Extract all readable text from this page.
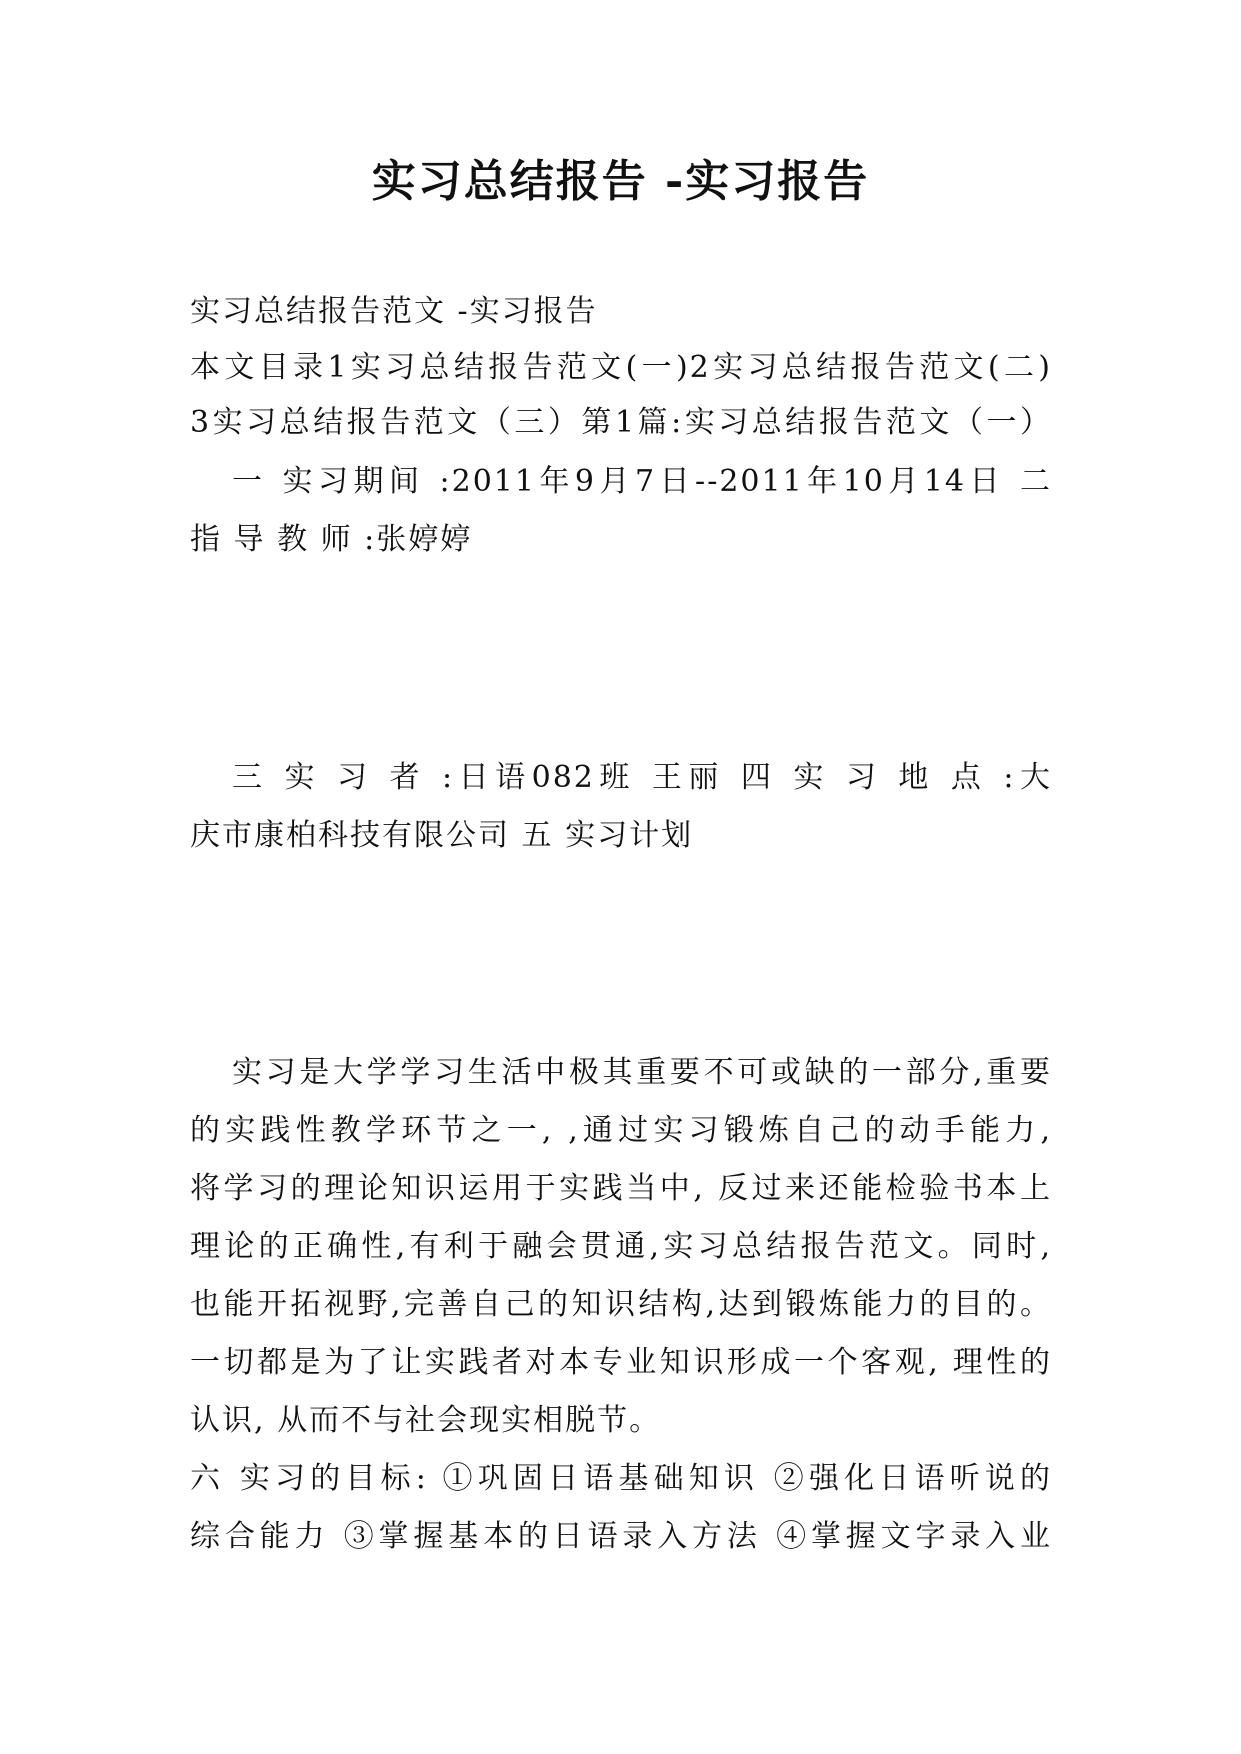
实习总结报告 -实习报告
实习总结报告范文 -实习报告
本文目录1实习总结报告范文(一)2实习总结报告范文(二)
3实习总结报告范文（三）第1篇:实习总结报告范文（一）
一 实习期间 :2011年9月7日--2011年10月14日 二
指 导 教 师 :张婷婷
三 实 习 者 :日语082班 王丽 四 实 习 地 点 :大
庆市康柏科技有限公司 五 实习计划
实习是大学学习生活中极其重要不可或缺的一部分,重要
的实践性教学环节之一, ,通过实习锻炼自己的动手能力,
将学习的理论知识运用于实践当中, 反过来还能检验书本上
理论的正确性,有利于融会贯通,实习总结报告范文。同时,
也能开拓视野,完善自己的知识结构,达到锻炼能力的目的。
一切都是为了让实践者对本专业知识形成一个客观, 理性的
认识, 从而不与社会现实相脱节。
六 实习的目标: ①巩固日语基础知识 ②强化日语听说的
综合能力 ③掌握基本的日语录入方法 ④掌握文字录入业
